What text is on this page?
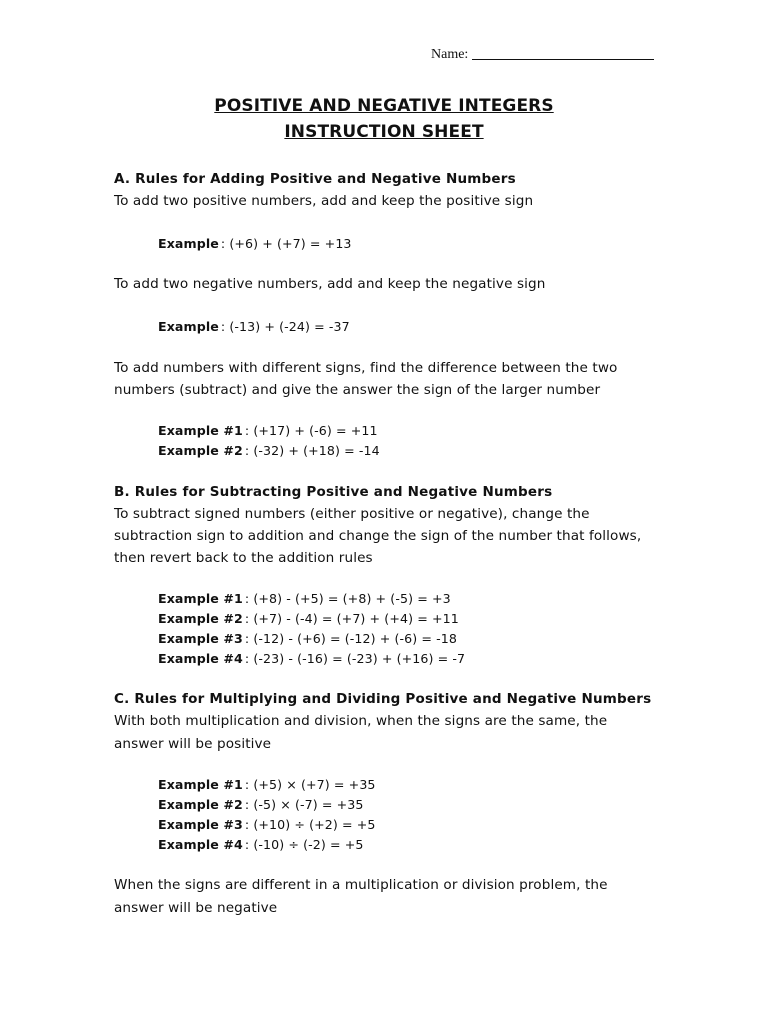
Name:
POSITIVE AND NEGATIVE INTEGERS
INSTRUCTION SHEET
A. Rules for Adding Positive and Negative Numbers
To add two positive numbers, add and keep the positive sign
Example : (+6) + (+7) = +13
To add two negative numbers, add and keep the negative sign
Example : (-13) + (-24) = -37
To add numbers with different signs, find the difference between the two
numbers (subtract) and give the answer the sign of the larger number
Example #1 : (+17) + (-6) = +11
Example #2 : (-32) + (+18) = -14
B. Rules for Subtracting Positive and Negative Numbers
To subtract signed numbers (either positive or negative), change the
subtraction sign to addition and change the sign of the number that follows,
then revert back to the addition rules
Example #1 : (+8) - (+5) = (+8) + (-5) = +3
Example #2 : (+7) - (-4) = (+7) + (+4) = +11
Example #3 : (-12) - (+6) = (-12) + (-6) = -18
Example #4 : (-23) - (-16) = (-23) + (+16) = -7
C. Rules for Multiplying and Dividing Positive and Negative Numbers
With both multiplication and division, when the signs are the same, the
answer will be positive
Example #1 : (+5) × (+7) = +35
Example #2 : (-5) × (-7) = +35
Example #3 : (+10) ÷ (+2) = +5
Example #4 : (-10) ÷ (-2) = +5
When the signs are different in a multiplication or division problem, the
answer will be negative
